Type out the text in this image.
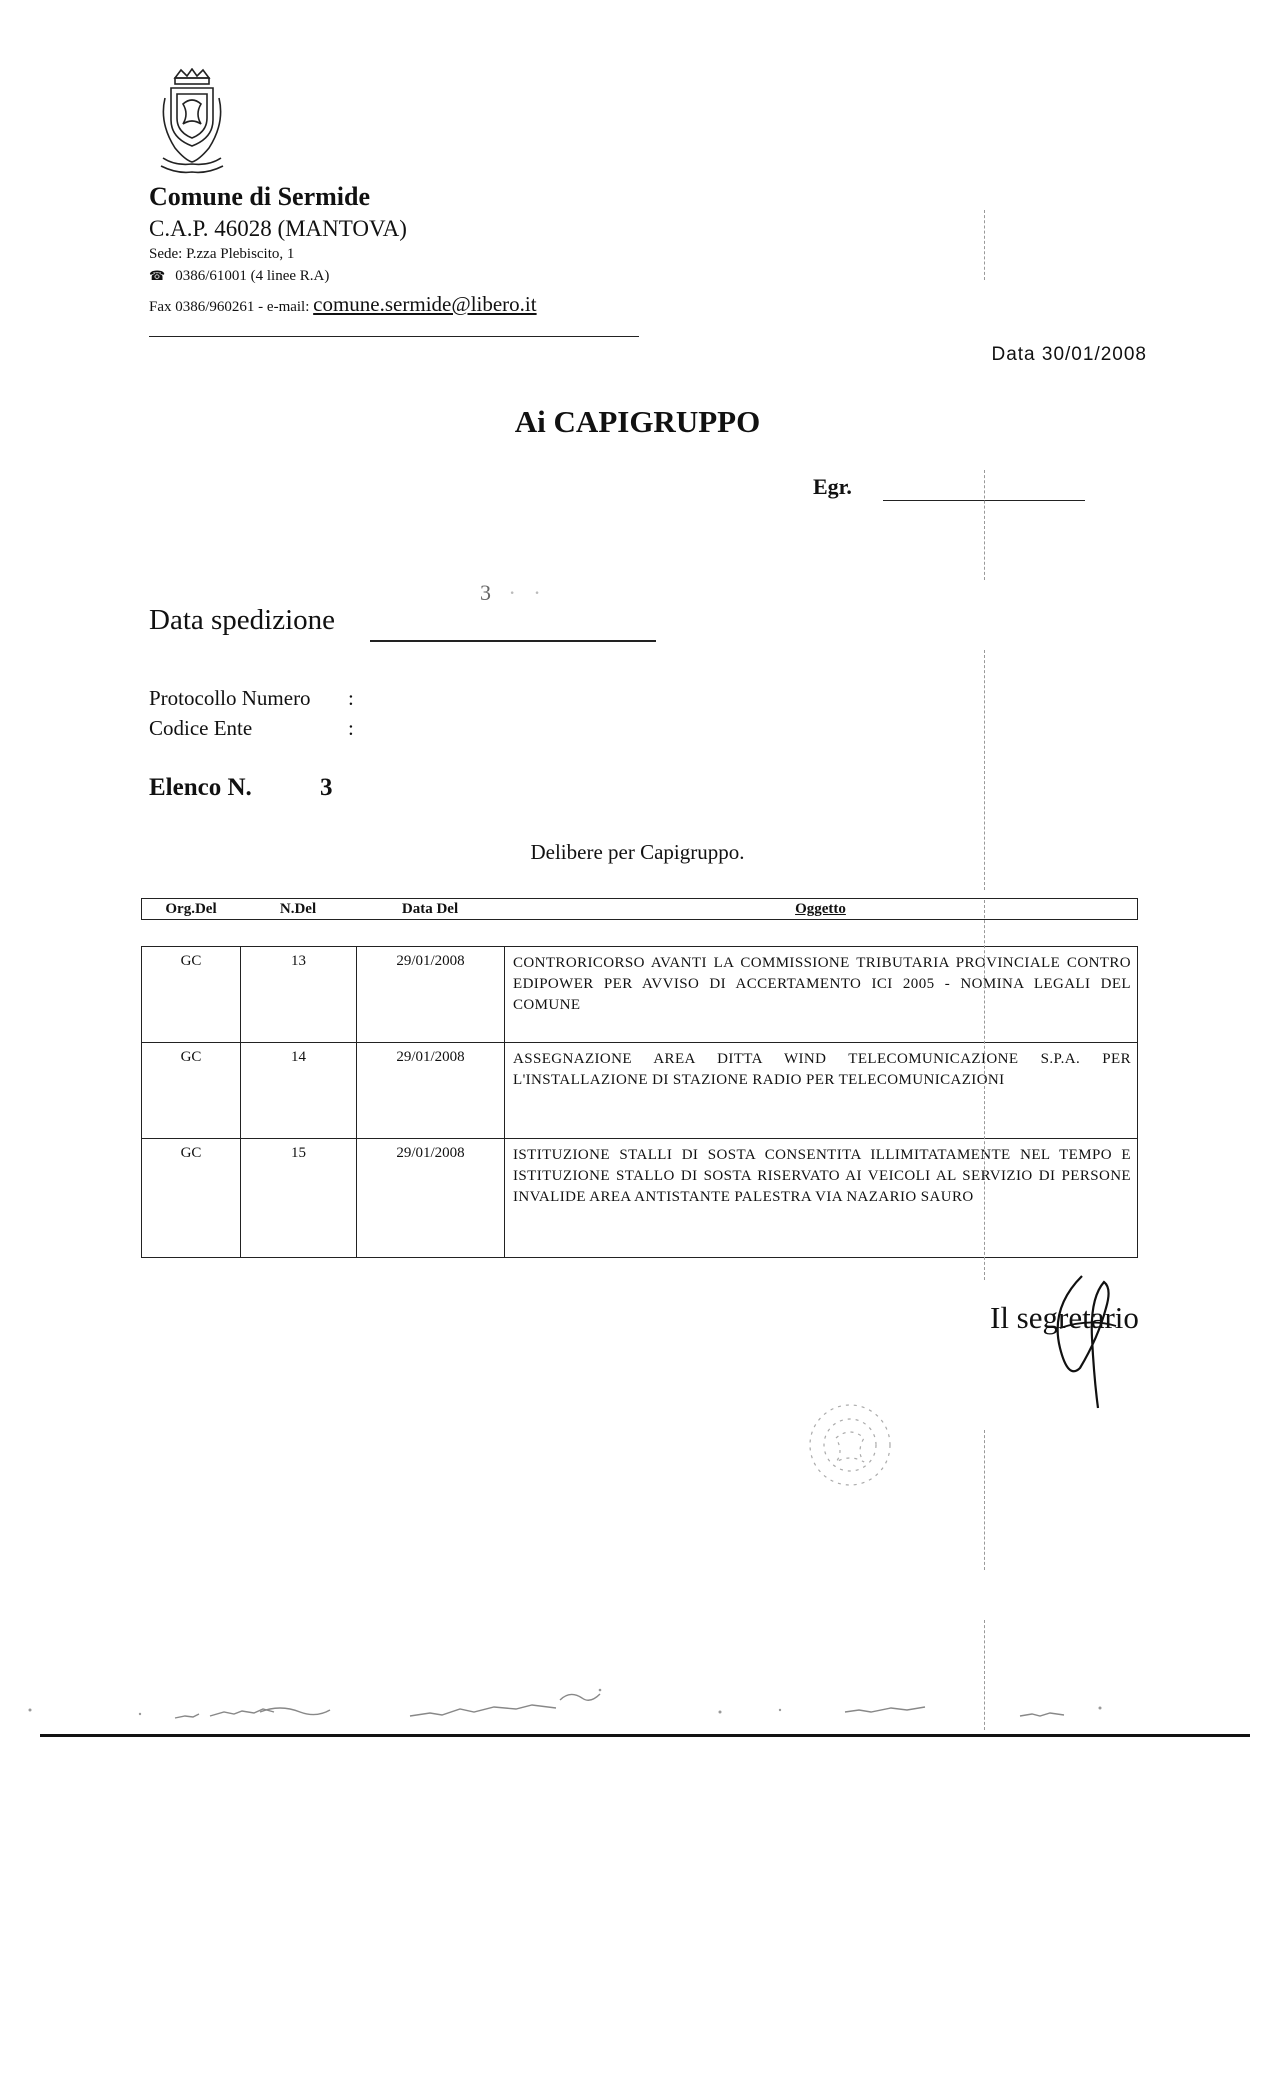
Comune di Sermide
C.A.P. 46028 (MANTOVA)
Sede: P.zza Plebiscito, 1
☎ 0386/61001 (4 linee R.A)
Fax 0386/960261 - e-mail: comune.sermide@libero.it
Data 30/01/2008
Ai CAPIGRUPPO
Egr.
3 · ·
Data spedizione
Protocollo Numero :
Codice Ente	:
Elenco N.	3
Delibere per Capigruppo.
Org.Del	N.Del	Data Del	Oggetto
GC	13	29/01/2008	CONTRORICORSO AVANTI LA COMMISSIONE TRIBUTARIA PROVINCIALE CONTRO EDIPOWER PER AVVISO DI ACCERTAMENTO ICI 2005 - NOMINA LEGALI DEL COMUNE
GC	14	29/01/2008	ASSEGNAZIONE AREA DITTA WIND TELECOMUNICAZIONE S.P.A. PER L'INSTALLAZIONE DI STAZIONE RADIO PER TELECOMUNICAZIONI
GC	15	29/01/2008	ISTITUZIONE STALLI DI SOSTA CONSENTITA ILLIMITATAMENTE NEL TEMPO E ISTITUZIONE STALLO DI SOSTA RISERVATO AI VEICOLI AL SERVIZIO DI PERSONE INVALIDE AREA ANTISTANTE PALESTRA VIA NAZARIO SAURO
Il segretario
